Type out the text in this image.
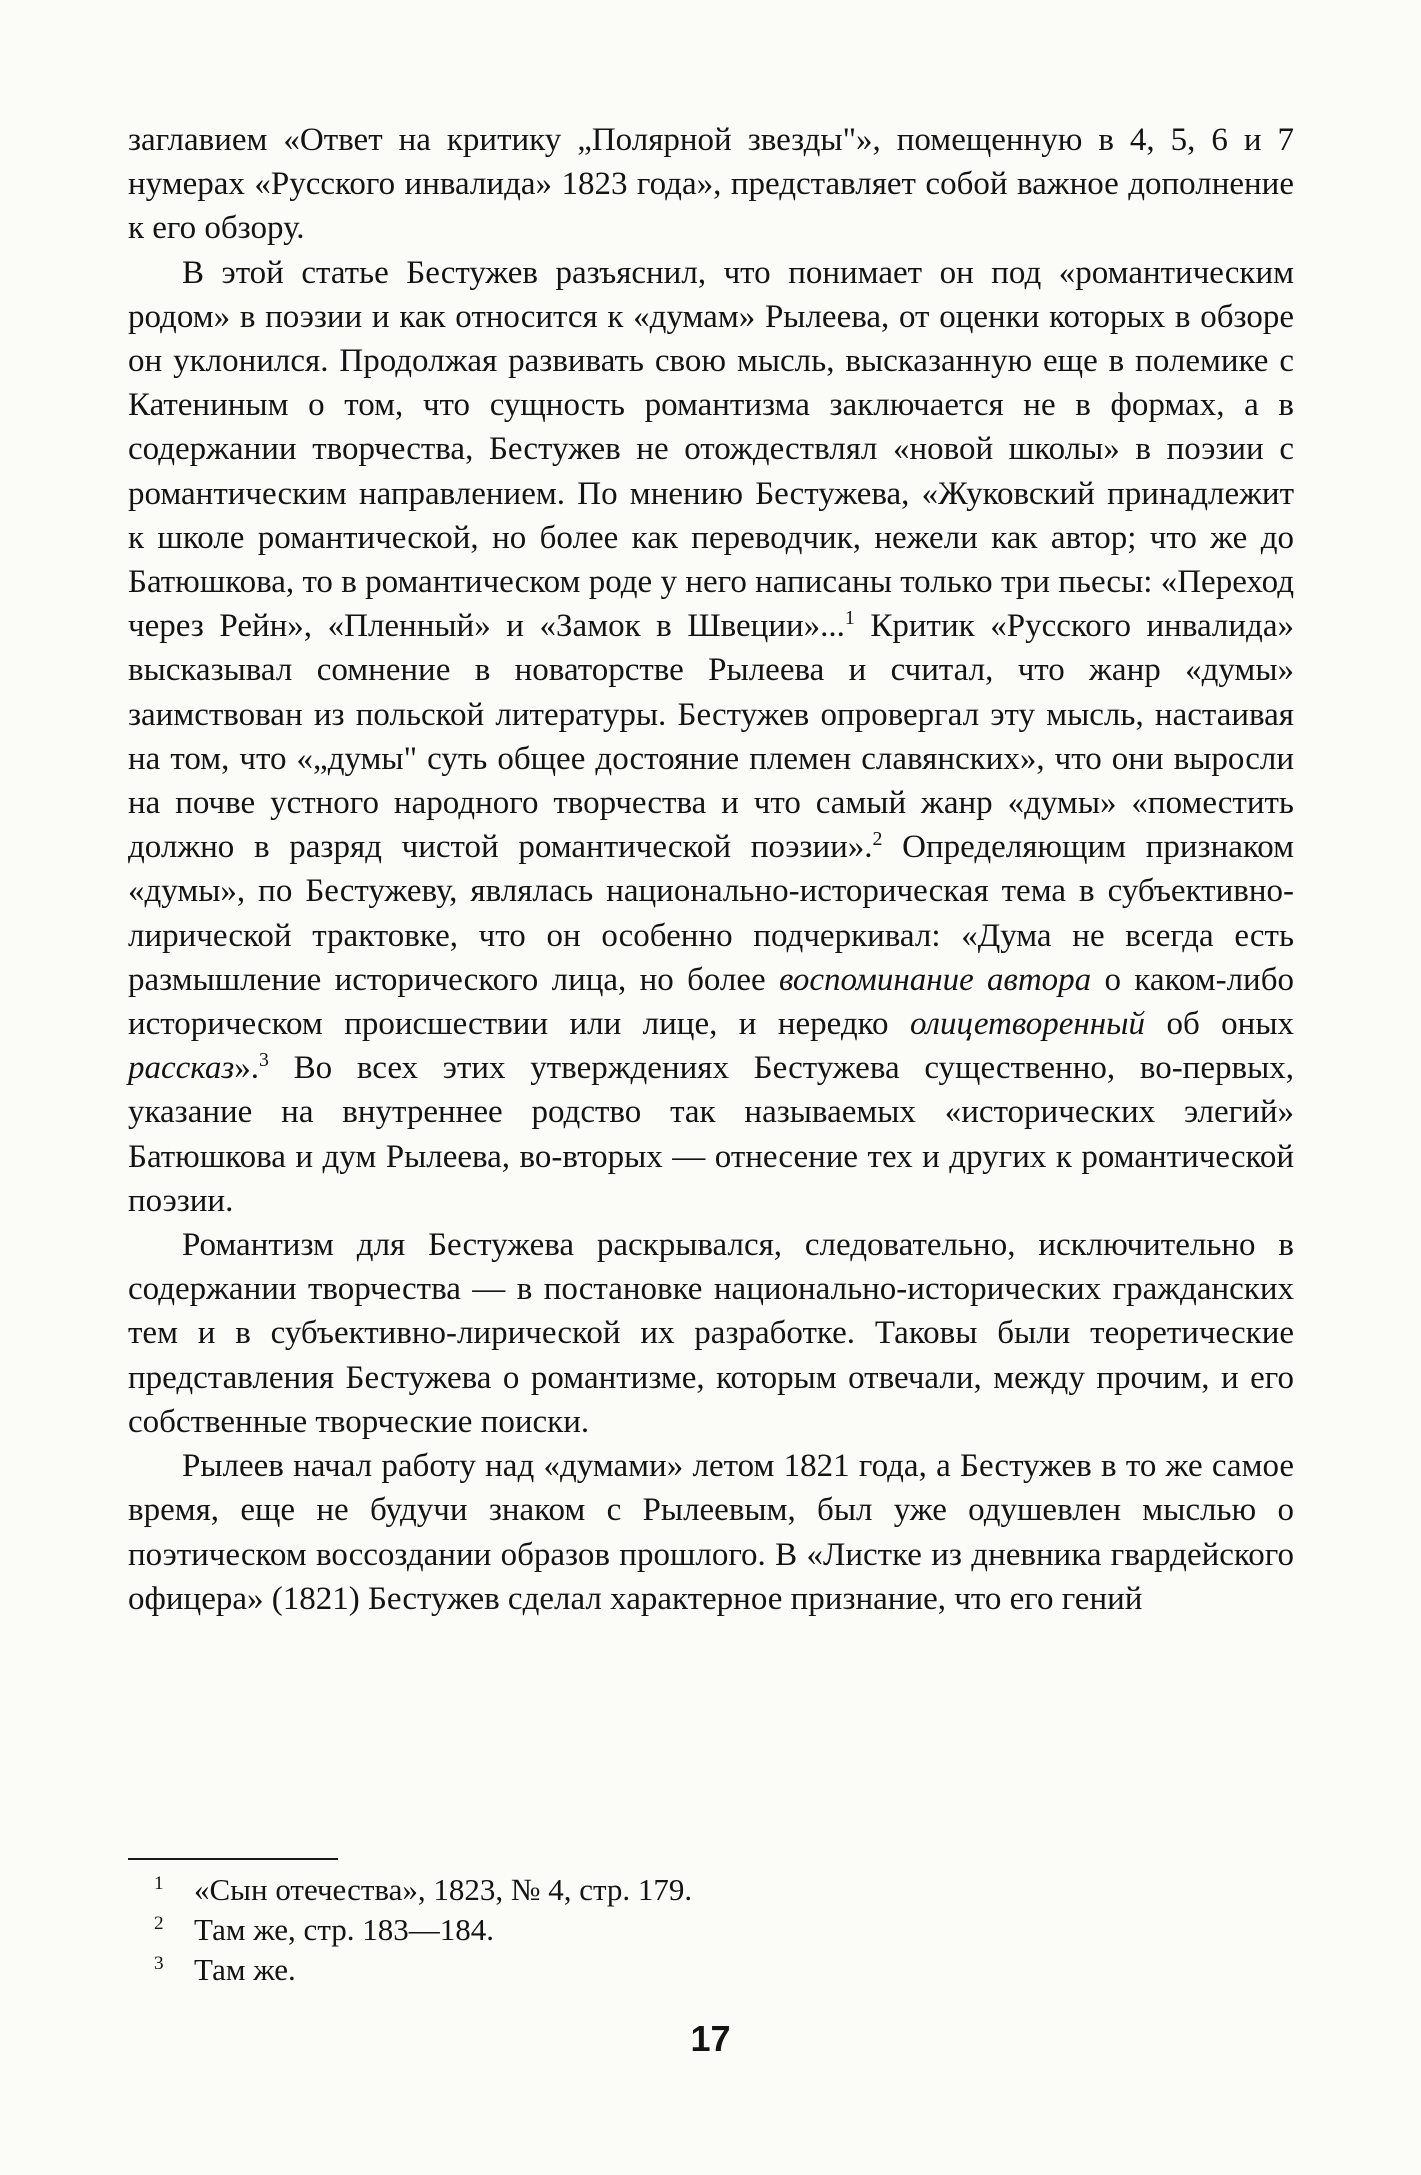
заглавием «Ответ на критику „Полярной звезды"», помещенную в 4, 5, 6 и 7 нумерах «Русского инвалида» 1823 года», представляет собой важное дополнение к его обзору.

В этой статье Бестужев разъяснил, что понимает он под «романтическим родом» в поэзии и как относится к «думам» Рылеева, от оценки которых в обзоре он уклонился. Продолжая развивать свою мысль, высказанную еще в полемике с Катениным о том, что сущность романтизма заключается не в формах, а в содержании творчества, Бестужев не отождествлял «новой школы» в поэзии с романтическим направлением. По мнению Бестужева, «Жуковский принадлежит к школе романтической, но более как переводчик, нежели как автор; что же до Батюшкова, то в романтическом роде у него написаны только три пьесы: «Переход через Рейн», «Пленный» и «Замок в Швеции»...$^1$ Критик «Русского инвалида» высказывал сомнение в новаторстве Рылеева и считал, что жанр «думы» заимствован из польской литературы. Бестужев опровергал эту мысль, настаивая на том, что «„думы" суть общее достояние племен славянских», что они выросли на почве устного народного творчества и что самый жанр «думы» «поместить должно в разряд чистой романтической поэзии».$^2$ Определяющим признаком «думы», по Бестужеву, являлась национально-историческая тема в субъективно-лирической трактовке, что он особенно подчеркивал: «Дума не всегда есть размышление исторического лица, но более воспоминание автора о каком-либо историческом происшествии или лице, и нередко олицетворенный об оных рассказ».$^3$ Во всех этих утверждениях Бестужева существенно, во-первых, указание на внутреннее родство так называемых «исторических элегий» Батюшкова и дум Рылеева, во-вторых — отнесение тех и других к романтической поэзии.

Романтизм для Бестужева раскрывался, следовательно, исключительно в содержании творчества — в постановке национально-исторических гражданских тем и в субъективно-лирической их разработке. Таковы были теоретические представления Бестужева о романтизме, которым отвечали, между прочим, и его собственные творческие поиски.

Рылеев начал работу над «думами» летом 1821 года, а Бестужев в то же самое время, еще не будучи знаком с Рылеевым, был уже одушевлен мыслью о поэтическом воссоздании образов прошлого. В «Листке из дневника гвардейского офицера» (1821) Бестужев сделал характерное признание, что его гений

1 «Сын отечества», 1823, № 4, стр. 179.

2 Там же, стр. 183—184.

3 Там же.

17
